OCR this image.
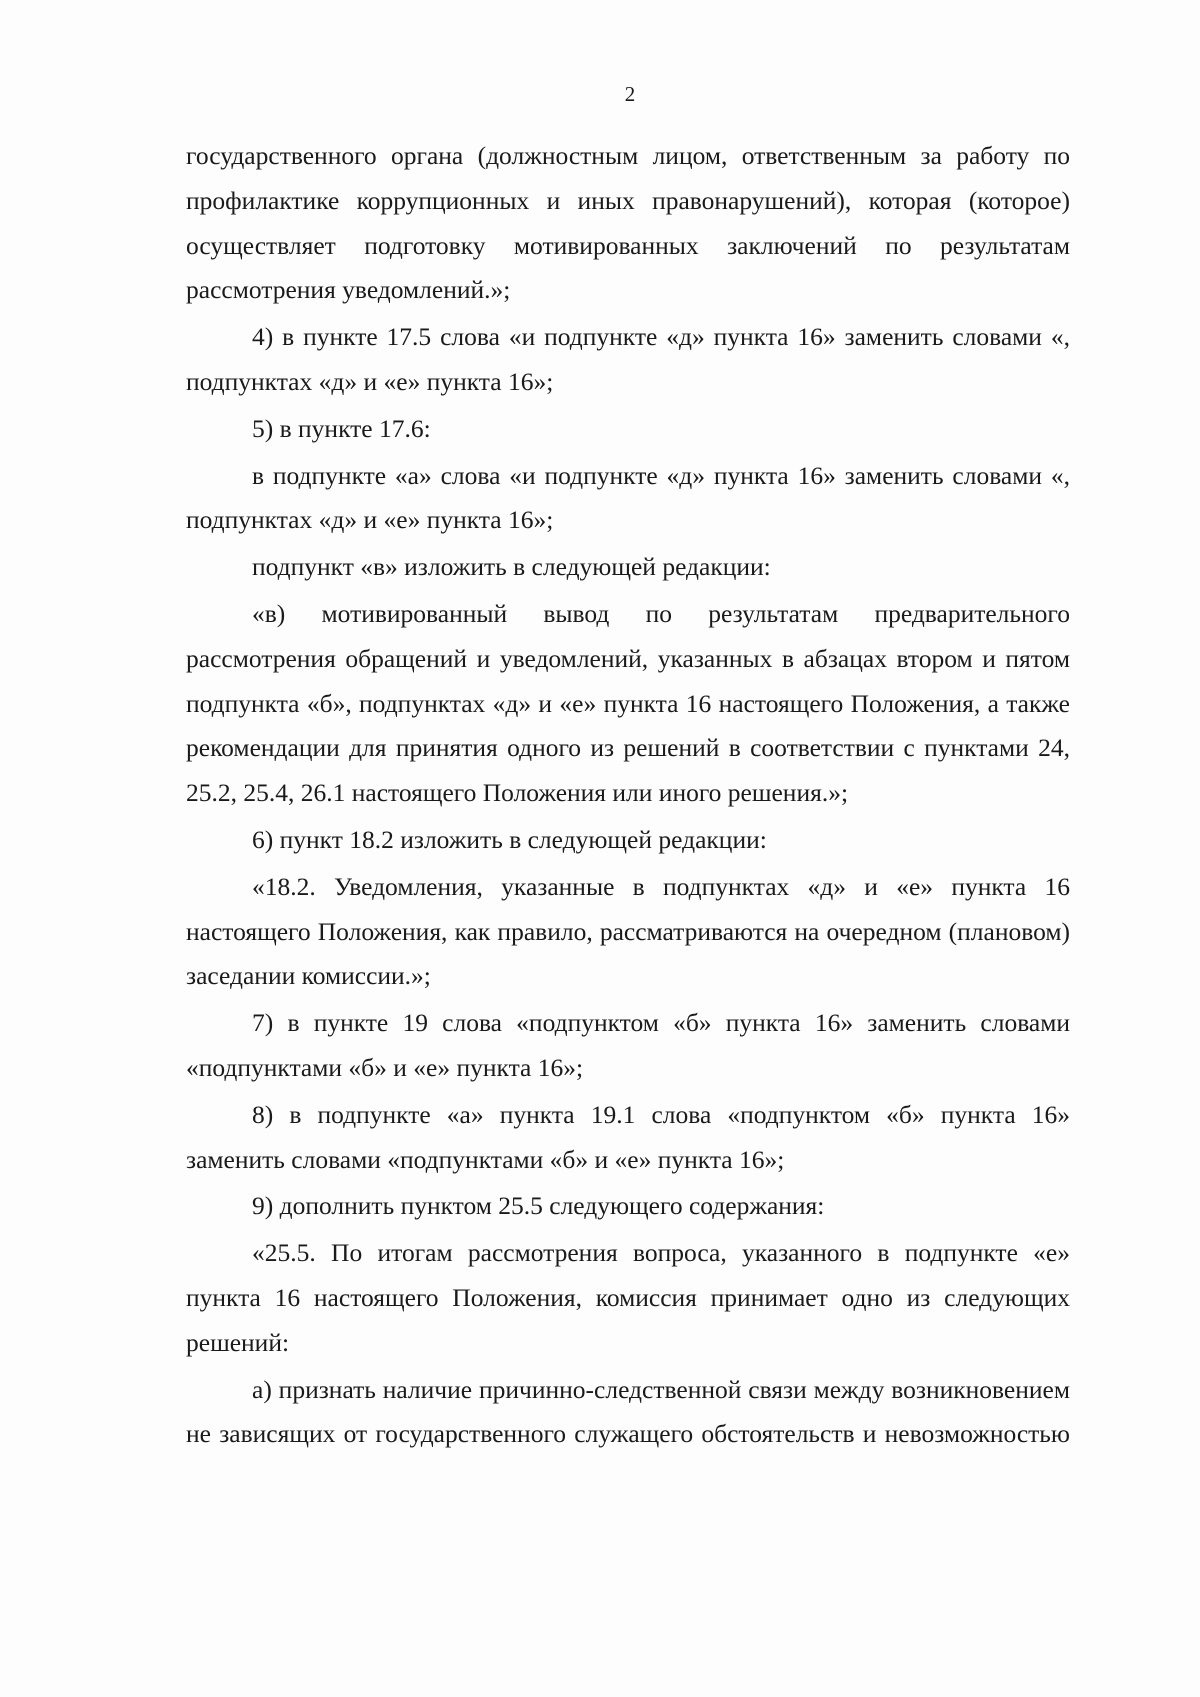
2

государственного органа (должностным лицом, ответственным за работу по профилактике коррупционных и иных правонарушений), которая (которое) осуществляет подготовку мотивированных заключений по результатам рассмотрения уведомлений.»;

4) в пункте 17.5 слова «и подпункте «д» пункта 16» заменить словами «, подпунктах «д» и «е» пункта 16»;

5) в пункте 17.6:

в подпункте «а» слова «и подпункте «д» пункта 16» заменить словами «, подпунктах «д» и «е» пункта 16»;

подпункт «в» изложить в следующей редакции:

«в) мотивированный вывод по результатам предварительного рассмотрения обращений и уведомлений, указанных в абзацах втором и пятом подпункта «б», подпунктах «д» и «е» пункта 16 настоящего Положения, а также рекомендации для принятия одного из решений в соответствии с пунктами 24, 25.2, 25.4, 26.1 настоящего Положения или иного решения.»;

6) пункт 18.2 изложить в следующей редакции:

«18.2. Уведомления, указанные в подпунктах «д» и «е» пункта 16 настоящего Положения, как правило, рассматриваются на очередном (плановом) заседании комиссии.»;

7) в пункте 19 слова «подпунктом «б» пункта 16» заменить словами «подпунктами «б» и «е» пункта 16»;

8) в подпункте «а» пункта 19.1 слова «подпунктом «б» пункта 16» заменить словами «подпунктами «б» и «е» пункта 16»;

9) дополнить пунктом 25.5 следующего содержания:

«25.5. По итогам рассмотрения вопроса, указанного в подпункте «е» пункта 16 настоящего Положения, комиссия принимает одно из следующих решений:

а) признать наличие причинно-следственной связи между возникновением не зависящих от государственного служащего обстоятельств и невозможностью
